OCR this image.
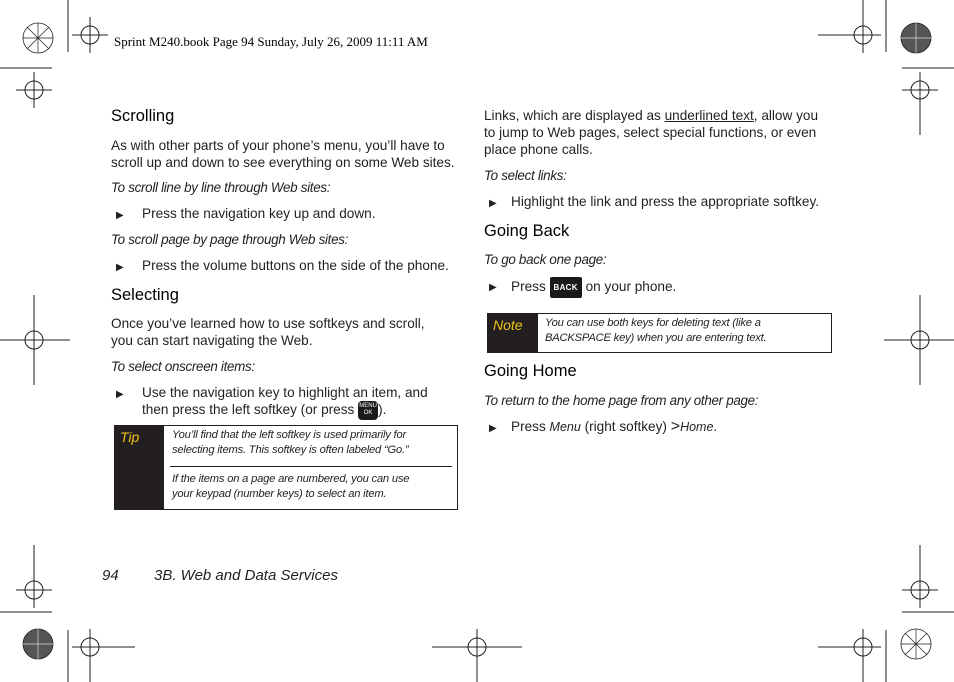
Sprint M240.book Page 94 Sunday, July 26, 2009 11:11 AM
Scrolling

As with other parts of your phone’s menu, you’ll have to

scroll up and down to see everything on some Web sites.

To scroll line by line through Web sites:

▶ Press the navigation key up and down.

To scroll page by page through Web sites:

▶ Press the volume buttons on the side of the phone.
Selecting

Once you’ve learned how to use softkeys and scroll,

you can start navigating the Web.

To select onscreen items:

▶ Use the navigation key to highlight an item, and
then press the left softkey (or press MENU
OK ).
Tip	You’ll find that the left softkey is used primarily for
selecting items. This softkey is often labeled “Go.”
If the items on a page are numbered, you can use
your keypad (number keys) to select an item.

Links, which are displayed as underlined text, allow you

to jump to Web pages, select special functions, or even

place phone calls.

To select links:

▶ Highlight the link and press the appropriate softkey.
Going Back

To go back one page:

▶ Press BACK on your phone.
Note	You can use both keys for deleting text (like a
BACKSPACE key) when you are entering text.
Going Home

To return to the home page from any other page:

▶ Press Menu (right softkey) >Home.
94 3B. Web and Data Services
